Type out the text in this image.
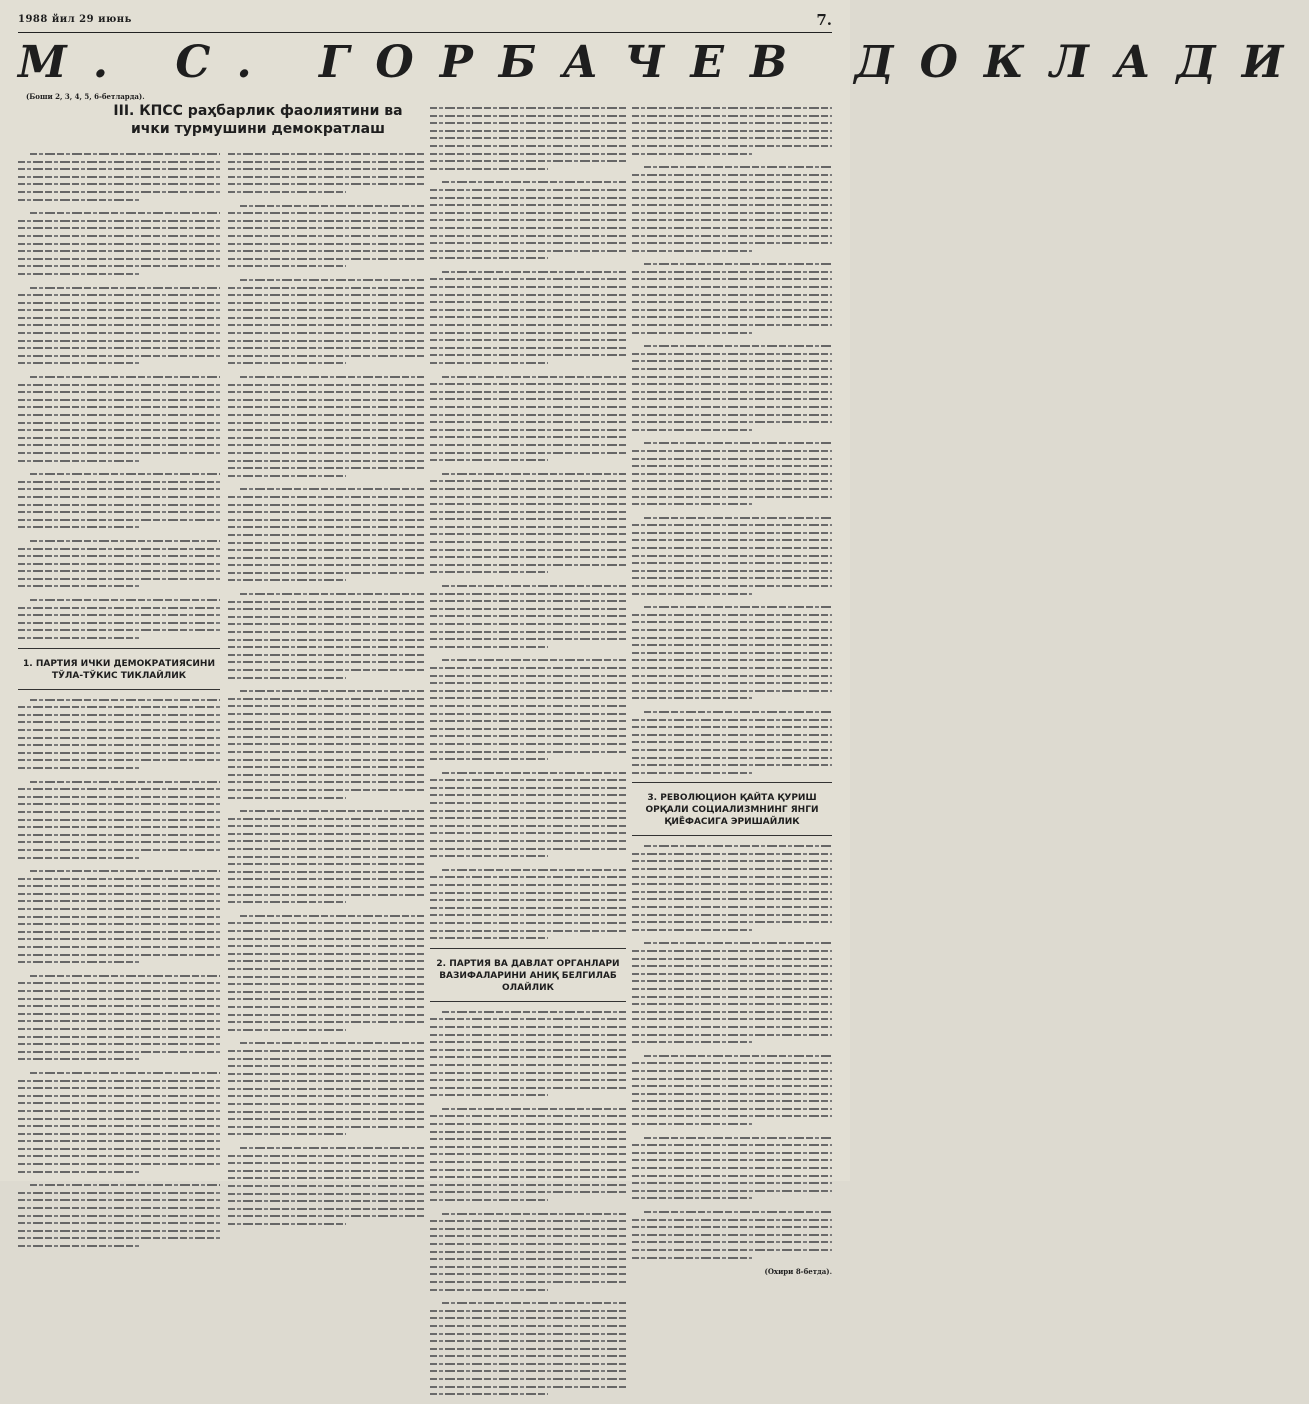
1988 йил 29 июнь	7.
М. С. ГОРБАЧЕВ ДОКЛАДИ
(Боши 2, 3, 4, 5, 6-бетларда).
III. КПСС раҳбарлик фаолиятини ва ички турмушини демократлаш
1. ПАРТИЯ ИЧКИ ДЕМОКРАТИЯСИНИ ТЎЛА-ТЎКИС ТИКЛАЙЛИК
2. ПАРТИЯ ВА ДАВЛАТ ОРГАНЛАРИ ВАЗИФАЛАРИНИ АНИҚ БЕЛГИЛАБ ОЛАЙЛИК
3. РЕВОЛЮЦИОН ҚАЙТА ҚУРИШ ОРҚАЛИ СОЦИАЛИЗМНИНГ ЯНГИ ҚИЁФАСИГА ЭРИШАЙЛИК
(Охири 8-бетда).
